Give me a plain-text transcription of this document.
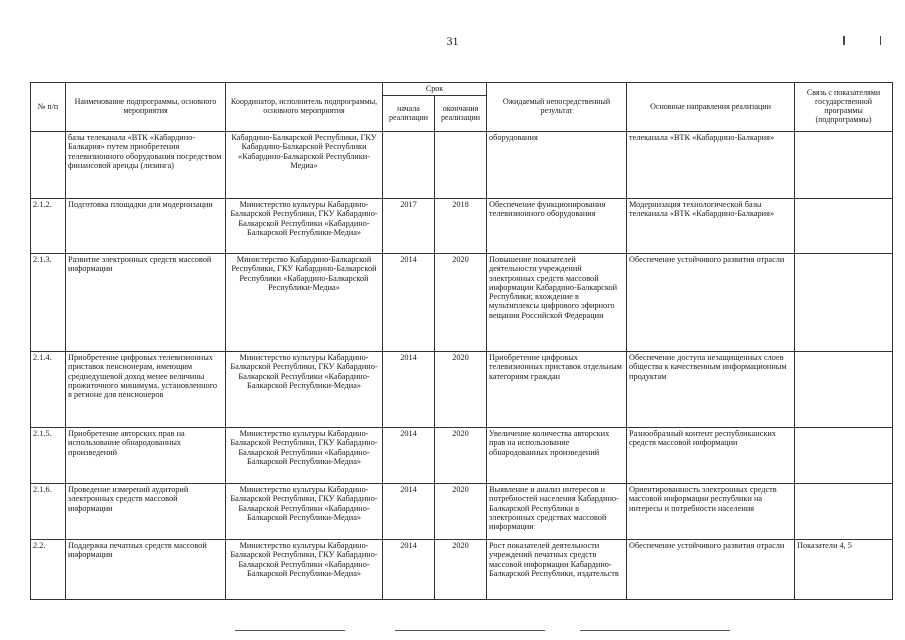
31
№ п/п	Наименование подпрограммы, основного мероприятия	Координатор, исполнитель подпрограммы, основного мероприятия	Срок		Ожидаемый непосредственный результат	Основные направления реализации	Связь с показателями государственной программы (подпрограммы)
			начала реализации	окончания реализации			
	базы телеканала «ВТК «Кабардино-Балкария» путем приобретения телевизионного оборудования посредством финансовой аренды (лизинга)	Кабардино-Балкарской Республики, ГКУ Кабардино-Балкарской Республики «Кабардино-Балкарской Республики-Медиа»			оборудования	телеканала «ВТК «Кабардино-Балкария»	
2.1.2.	Подготовка площадки для модернизации	Министерство культуры Кабардино-Балкарской Республики, ГКУ Кабардино-Балкарской Республики «Кабардино-Балкарской Республики-Медиа»	2017	2018	Обеспечение функционирования телевизионного оборудования	Модернизация технологической базы телеканала «ВТК «Кабардино-Балкария»	
2.1.3.	Развитие электронных средств массовой информации	Министерство Кабардино-Балкарской Республики, ГКУ Кабардино-Балкарской Республики «Кабардино-Балкарской Республики-Медиа»	2014	2020	Повышение показателей деятельности учреждений электронных средств массовой информации Кабардино-Балкарской Республики; вхождение в мультиплексы цифрового эфирного вещания Российской Федерации	Обеспечение устойчивого развития отрасли	
2.1.4.	Приобретение цифровых телевизионных приставок пенсионерам, имеющим среднедушевой доход менее величины прожиточного минимума, установленного в регионе для пенсионеров	Министерство культуры Кабардино-Балкарской Республики, ГКУ Кабардино-Балкарской Республики «Кабардино-Балкарской Республики-Медиа»	2014	2020	Приобретение цифровых телевизионных приставок отдельным категориям граждан	Обеспечение доступа незащищенных слоев общества к качественным информационным продуктам	
2.1.5.	Приобретение авторских прав на использование обнародованных произведений	Министерство культуры Кабардино-Балкарской Республики, ГКУ Кабардино-Балкарской Республики «Кабардино-Балкарской Республики-Медиа»	2014	2020	Увеличение количества авторских прав на использование обнародованных произведений	Разнообразный контент республиканских средств массовой информации	
2.1.6.	Проведение измерений аудиторий электронных средств массовой информации	Министерство культуры Кабардино-Балкарской Республики, ГКУ Кабардино-Балкарской Республики «Кабардино-Балкарской Республики-Медиа»	2014	2020	Выявление и анализ интересов и потребностей населения Кабардино-Балкарской Республики в электронных средствах массовой информации	Ориентированность электронных средств массовой информации республики на интересы и потребности населения	
2.2.	Поддержка печатных средств массовой информации	Министерство культуры Кабардино-Балкарской Республики, ГКУ Кабардино-Балкарской Республики «Кабардино-Балкарской Республики-Медиа»	2014	2020	Рост показателей деятельности учреждений печатных средств массовой информации Кабардино-Балкарской Республики, издательств	Обеспечение устойчивого развития отрасли	Показатели 4, 5
